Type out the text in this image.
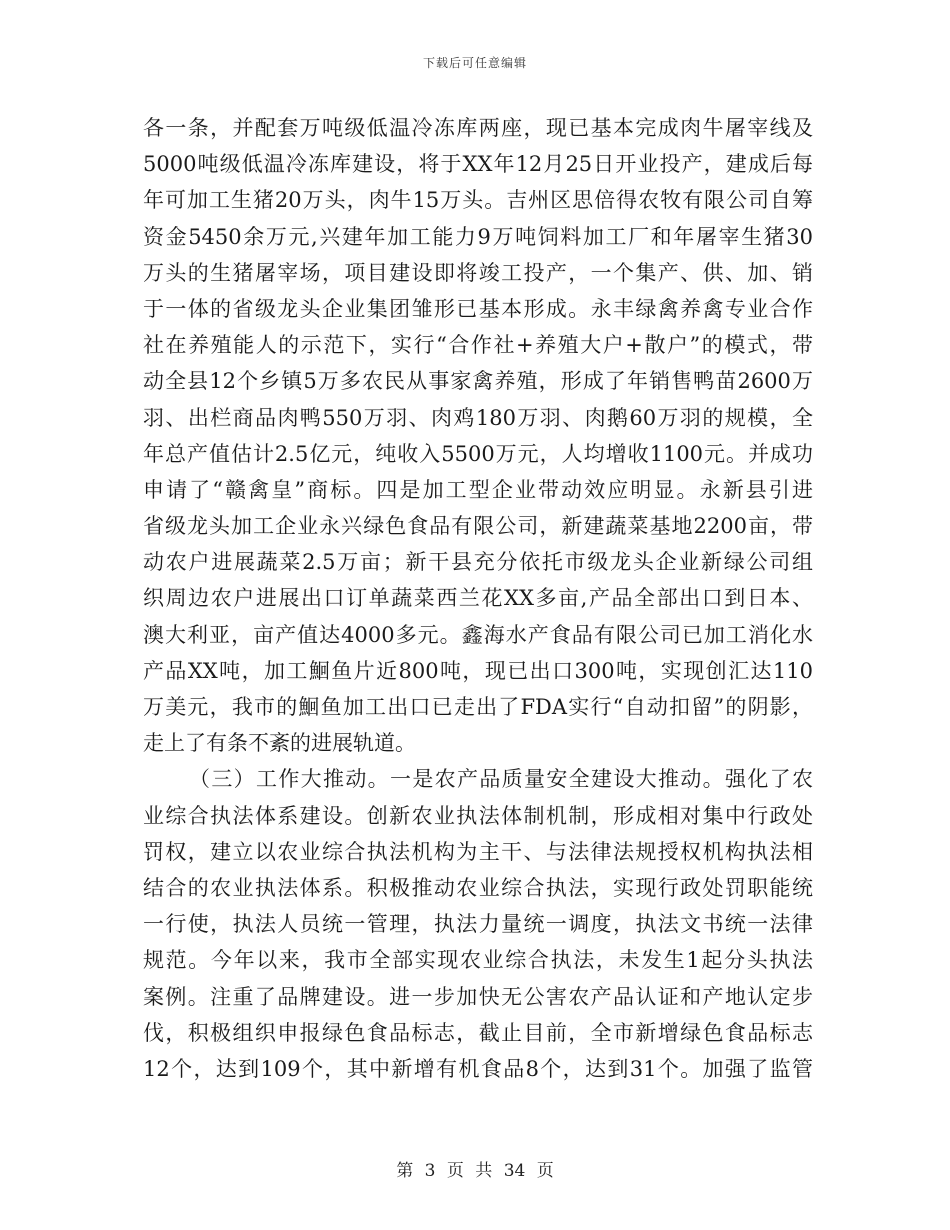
下载后可任意编辑
各一条，并配套万吨级低温冷冻库两座，现已基本完成肉牛屠宰线及
5000吨级低温冷冻库建设，将于XX年12月25日开业投产，建成后每
年可加工生猪20万头，肉牛15万头。吉州区思倍得农牧有限公司自筹
资金5450余万元,兴建年加工能力9万吨饲料加工厂和年屠宰生猪30
万头的生猪屠宰场，项目建设即将竣工投产，一个集产、供、加、销
于一体的省级龙头企业集团雏形已基本形成。永丰绿禽养禽专业合作
社在养殖能人的示范下，实行“合作社+养殖大户+散户”的模式，带
动全县12个乡镇5万多农民从事家禽养殖，形成了年销售鸭苗2600万
羽、出栏商品肉鸭550万羽、肉鸡180万羽、肉鹅60万羽的规模，全
年总产值估计2.5亿元，纯收入5500万元，人均增收1100元。并成功
申请了“赣禽皇”商标。四是加工型企业带动效应明显。永新县引进
省级龙头加工企业永兴绿色食品有限公司，新建蔬菜基地2200亩，带
动农户进展蔬菜2.5万亩；新干县充分依托市级龙头企业新绿公司组
织周边农户进展出口订单蔬菜西兰花XX多亩,产品全部出口到日本、
澳大利亚，亩产值达4000多元。鑫海水产食品有限公司已加工消化水
产品XX吨，加工鮰鱼片近800吨，现已出口300吨，实现创汇达110
万美元，我市的鮰鱼加工出口已走出了FDA实行“自动扣留”的阴影，
走上了有条不紊的进展轨道。
（三）工作大推动。一是农产品质量安全建设大推动。强化了农
业综合执法体系建设。创新农业执法体制机制，形成相对集中行政处
罚权，建立以农业综合执法机构为主干、与法律法规授权机构执法相
结合的农业执法体系。积极推动农业综合执法，实现行政处罚职能统
一行使，执法人员统一管理，执法力量统一调度，执法文书统一法律
规范。今年以来，我市全部实现农业综合执法，未发生1起分头执法
案例。注重了品牌建设。进一步加快无公害农产品认证和产地认定步
伐，积极组织申报绿色食品标志，截止目前，全市新增绿色食品标志
12个，达到109个，其中新增有机食品8个，达到31个。加强了监管
第 3 页 共 34 页
